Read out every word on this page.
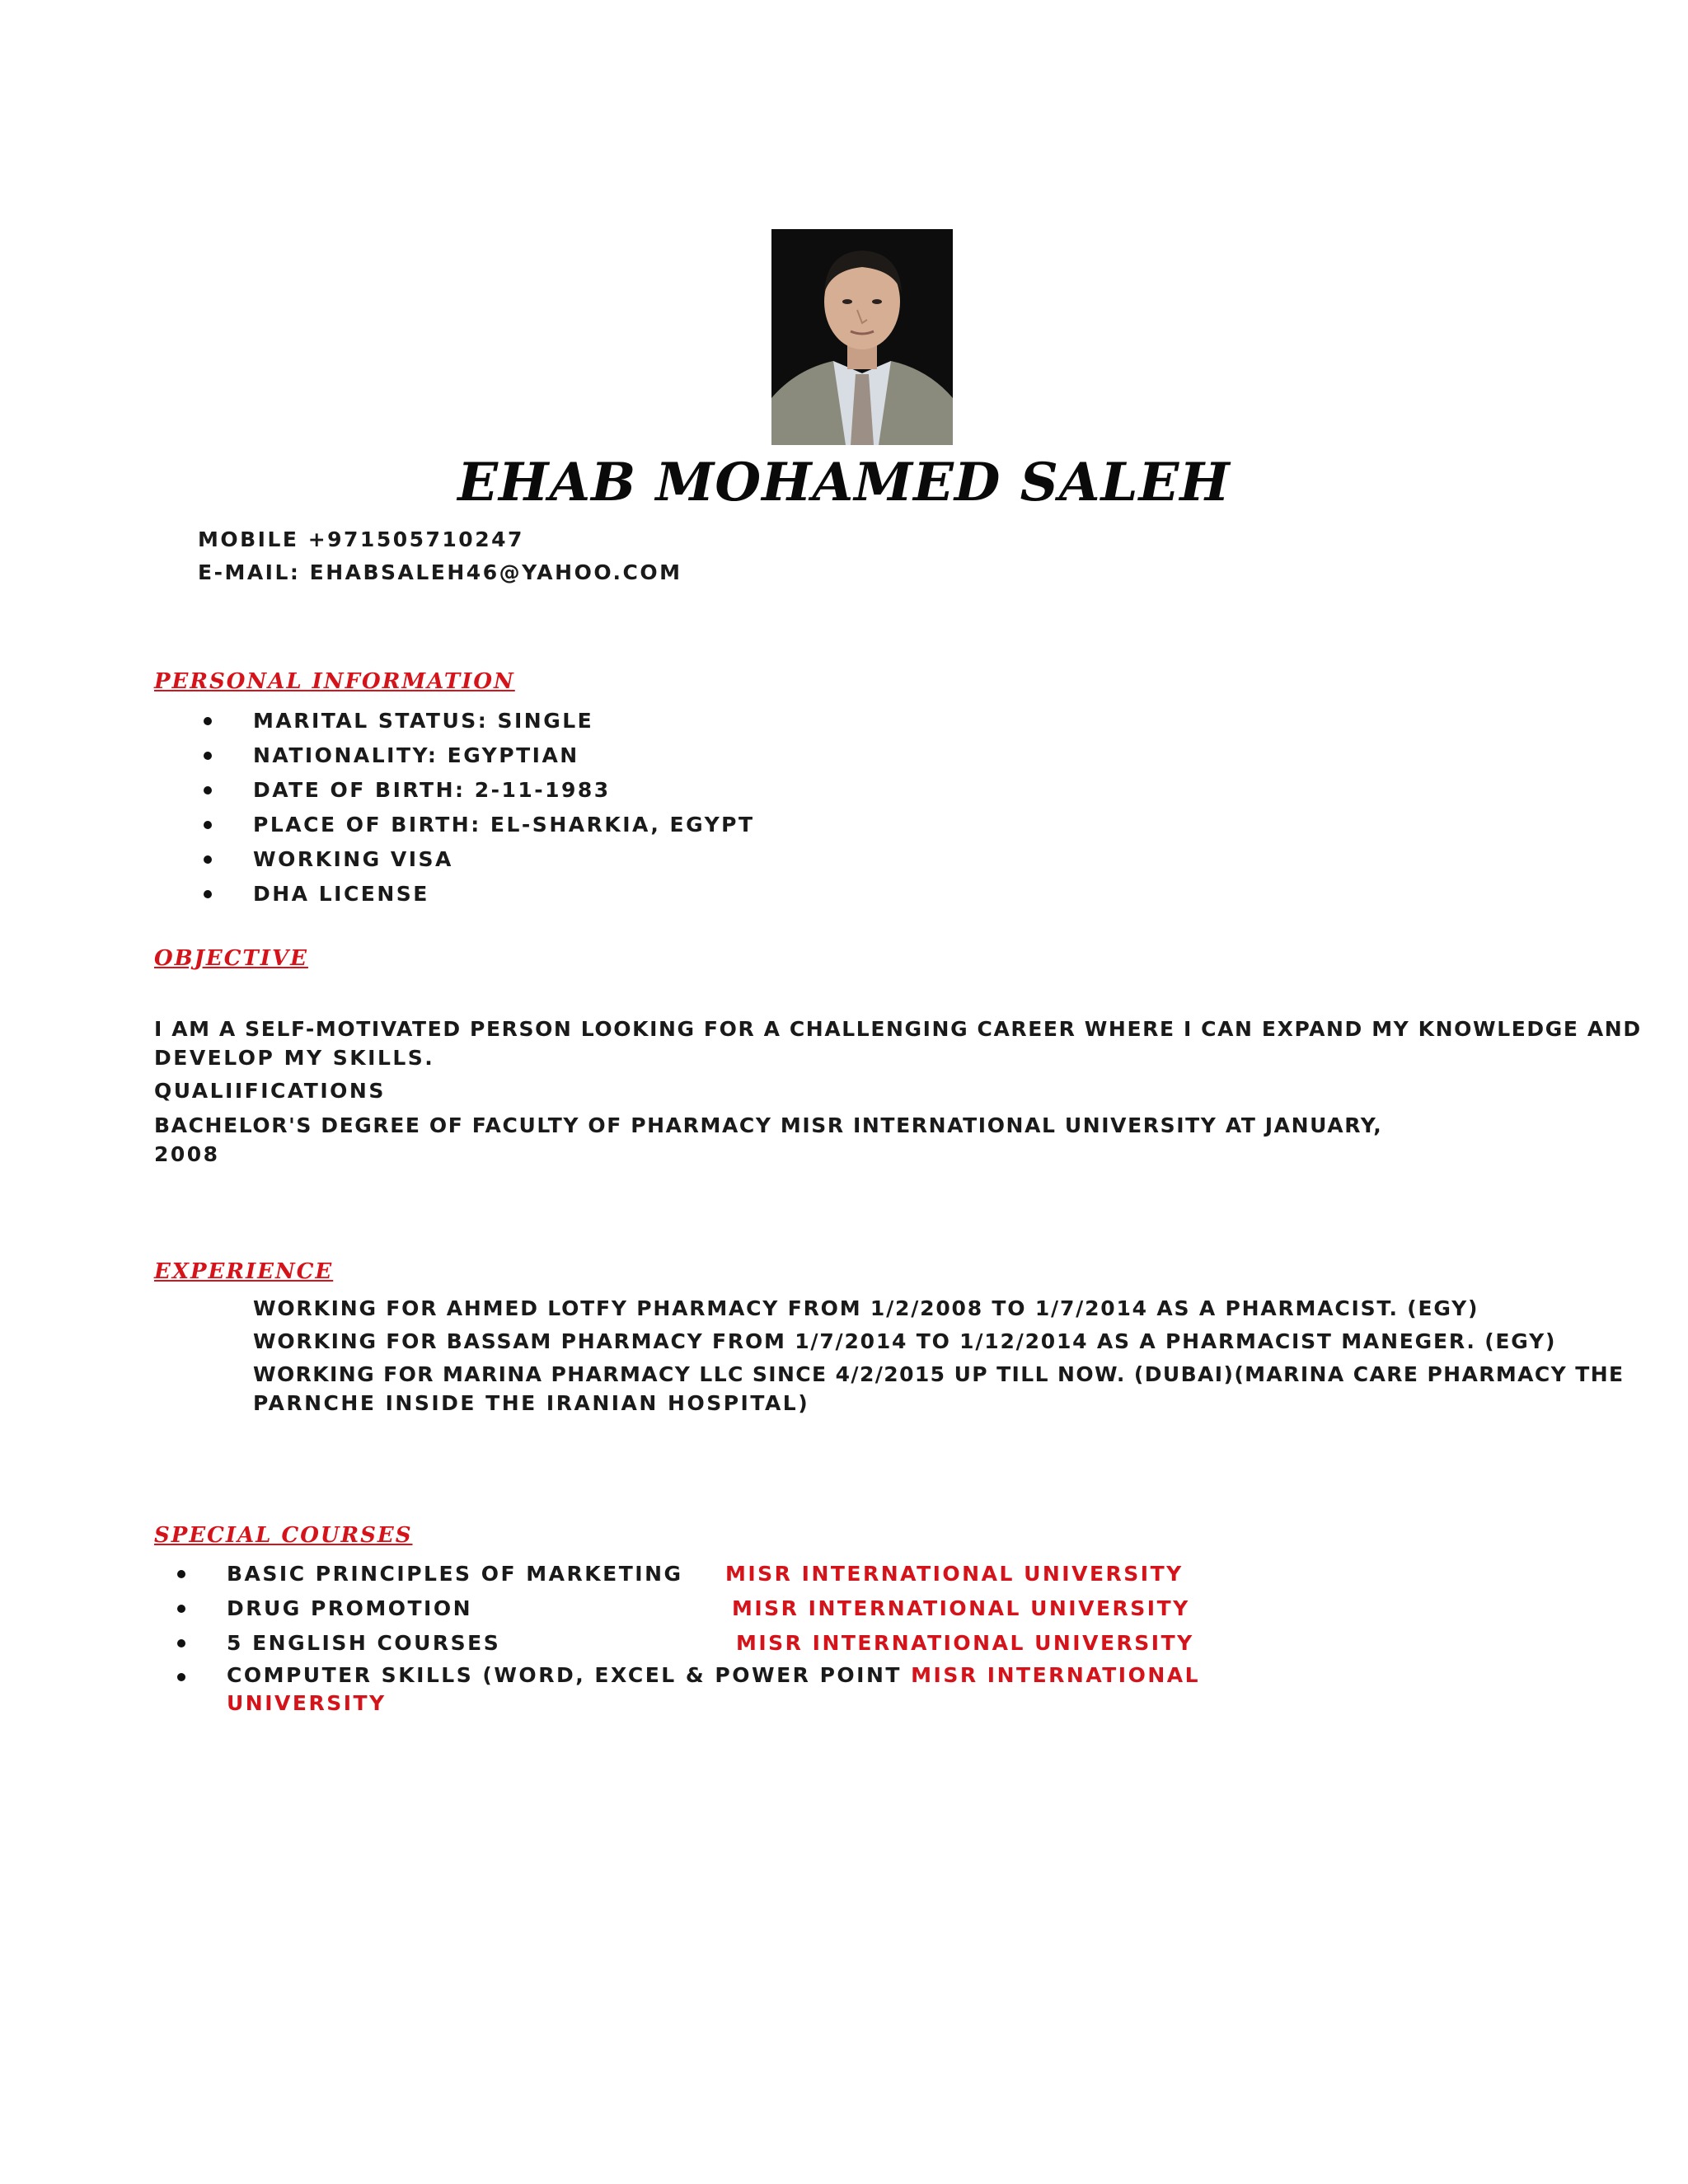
EHAB MOHAMED SALEH
MOBILE +971505710247
E-MAIL: EHABSALEH46@YAHOO.COM
PERSONAL INFORMATION
MARITAL STATUS: SINGLE
NATIONALITY: EGYPTIAN
DATE OF BIRTH: 2-11-1983
PLACE OF BIRTH: EL-SHARKIA, EGYPT
WORKING VISA
DHA LICENSE
OBJECTIVE
I AM A SELF-MOTIVATED PERSON LOOKING FOR A CHALLENGING CAREER WHERE I CAN EXPAND MY KNOWLEDGE AND
DEVELOP MY SKILLS.
QUALIIFICATIONS
BACHELOR'S DEGREE OF FACULTY OF PHARMACY MISR INTERNATIONAL UNIVERSITY AT JANUARY,
2008
EXPERIENCE
WORKING FOR AHMED LOTFY PHARMACY FROM 1/2/2008 TO 1/7/2014 AS A PHARMACIST. (EGY)
WORKING FOR BASSAM PHARMACY FROM 1/7/2014 TO 1/12/2014 AS A PHARMACIST MANEGER. (EGY)
WORKING FOR MARINA PHARMACY LLC SINCE 4/2/2015 UP TILL NOW. (DUBAI)(MARINA CARE PHARMACY THE
PARNCHE INSIDE THE IRANIAN HOSPITAL)
SPECIAL COURSES
BASIC PRINCIPLES OF MARKETING MISR INTERNATIONAL UNIVERSITY
DRUG PROMOTION	MISR INTERNATIONAL UNIVERSITY
5 ENGLISH COURSES	MISR INTERNATIONAL UNIVERSITY
COMPUTER SKILLS (WORD, EXCEL & POWER POINT MISR INTERNATIONAL
UNIVERSITY
